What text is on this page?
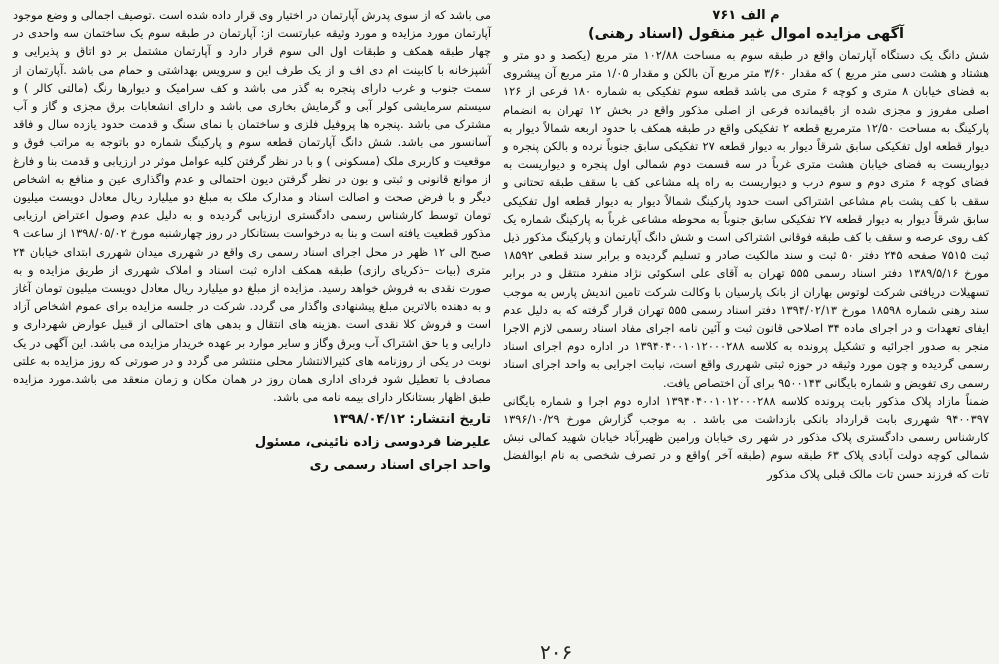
م الف ۷۶۱
آگهی مزایده اموال غیر منقول (اسناد رهنی)

شش دانگ یک دستگاه آپارتمان واقع در طبقه سوم به مساحت ۱۰۲/۸۸ متر مربع (یکصد و دو متر و هشتاد و هشت دسی متر مربع ) که مقدار ۳/۶۰ متر مربع آن بالکن و مقدار ۱/۰۵ متر مربع آن پیشروی به فضای خیابان ۸ متری و کوچه ۶ متری می باشد قطعه سوم تفکیکی به شماره ۱۸۰ فرعی از ۱۲۶ اصلی مفروز و مجزی شده از باقیمانده فرعی از اصلی مذکور واقع در بخش ۱۲ تهران به انضمام پارکینگ به مساحت ۱۲/۵۰ مترمربع قطعه ۲ تفکیکی واقع در طبقه همکف با حدود اربعه شمالاً دیوار به دیوار قطعه اول تفکیکی سابق شرقاً دیوار به دیوار قطعه ۲۷ تفکیکی سابق جنوباً نرده و بالکن پنجره و دیواریست به فضای خیابان هشت متری غرباً در سه قسمت دوم شمالی اول پنجره و دیواریست به فضای کوچه ۶ متری دوم و سوم درب و دیواریست به راه پله مشاعی کف با سقف طبقه تحتانی و سقف با کف پشت بام مشاعی اشتراکی است حدود پارکینگ شمالاً دیوار به دیوار قطعه اول تفکیکی سابق شرقاً دیوار به دیوار قطعه ۲۷ تفکیکی سابق جنوباً به محوطه مشاعی غرباً به پارکینگ شماره یک کف روی عرصه و سقف با کف طبقه فوقانی اشتراکی است و شش دانگ آپارتمان و پارکینگ مذکور ذیل ثبت ۷۵۱۵ صفحه ۲۴۵ دفتر ۵۰ ثبت و سند مالکیت صادر و تسلیم گردیده و برابر سند قطعی ۱۸۵۹۲ مورخ ۱۳۸۹/۵/۱۶ دفتر اسناد رسمی ۵۵۵ تهران به آقای علی اسکوئی نژاد منفرد منتقل و در برابر تسهیلات دریافتی شرکت لوتوس بهاران از بانک پارسیان با وکالت شرکت تامین اندیش پارس به موجب سند رهنی شماره ۱۸۵۹۸ مورخ ۱۳۹۴/۰۲/۱۳ دفتر اسناد رسمی ۵۵۵ تهران قرار گرفته که به دلیل عدم ایفای تعهدات و در اجرای ماده ۳۴ اصلاحی قانون ثبت و آئین نامه اجرای مفاد اسناد رسمی لازم الاجرا منجر به صدور اجرائیه و تشکیل پرونده به کلاسه ۱۳۹۴۰۴۰۰۱۰۱۲۰۰۰۲۸۸ در اداره دوم اجرای اسناد رسمی گردیده و چون مورد وثیقه در حوزه ثبتی شهرری واقع است، نیابت اجرایی به واحد اجرای اسناد رسمی ری تفویض و شماره بایگانی ۹۵۰۰۱۴۳ برای آن اختصاص یافت.

ضمناً مازاد پلاک مذکور بابت پرونده کلاسه ۱۳۹۴۰۴۰۰۱۰۱۲۰۰۰۲۸۸ اداره دوم اجرا و شماره بایگانی ۹۴۰۰۳۹۷ شهرری بابت قرارداد بانکی بازداشت می باشد . به موجب گزارش مورخ ۱۳۹۶/۱۰/۲۹ کارشناس رسمی دادگستری پلاک مذکور در شهر ری خیابان ورامین ظهیرآباد خیابان شهید کمالی نبش شمالی کوچه دولت آبادی پلاک ۶۳ طبقه سوم (طبقه آخر )واقع و در تصرف شخصی به نام ابوالفضل تات که فرزند حسن تات مالک قبلی پلاک مذکور

می باشد که از سوی پدرش آپارتمان در اختیار وی قرار داده شده است .توصیف اجمالی و وضع موجود آپارتمان مورد مزایده و مورد وثیقه عبارتست از: آپارتمان در طبقه سوم یک ساختمان سه واحدی در چهار طبقه همکف و طبقات اول الی سوم قرار دارد و آپارتمان مشتمل بر دو اتاق و پذیرایی و آشپزخانه با کابینت ام دی اف و از یک طرف این و سرویس بهداشتی و حمام می باشد .آپارتمان از سمت جنوب و غرب دارای پنجره به گذر می باشد و کف سرامیک و دیوارها رنگ (مالتی کالر ) و سیستم سرمایشی کولر آبی و گرمایش بخاری می باشد و دارای انشعابات برق مجزی و گاز و آب مشترک می باشد .پنجره ها پروفیل فلزی و ساختمان با نمای سنگ و قدمت حدود یازده سال و فاقد آسانسور می باشد. شش دانگ آپارتمان قطعه سوم و پارکینگ شماره دو باتوجه به مراتب فوق و موقعیت و کاربری ملک (مسکونی ) و با در نظر گرفتن کلیه عوامل موثر در ارزیابی و قدمت بنا و فارغ از موانع قانونی و ثبتی و بون در نظر گرفتن دیون احتمالی و عدم واگذاری عین و منافع به اشخاص دیگر و با فرض صحت و اصالت اسناد و مدارک ملک به مبلغ دو میلیارد ریال معادل دویست میلیون تومان توسط کارشناس رسمی دادگستری ارزیابی گردیده و به دلیل عدم وصول اعتراض ارزیابی مذکور قطعیت یافته است و بنا به درخواست بستانکار در روز چهارشنبه مورخ ۱۳۹۸/۰۵/۰۲ از ساعت ۹ صبح الی ۱۲ ظهر در محل اجرای اسناد رسمی ری واقع در شهرری میدان شهرری ابتدای خیابان ۲۴ متری (بیات –ذکریای رازی) طبقه همکف اداره ثبت اسناد و املاک شهرری از طریق مزایده و به صورت نقدی به فروش خواهد رسید. مزایده از مبلغ دو میلیارد ریال معادل دویست میلیون تومان آغاز و به دهنده بالاترین مبلغ پیشنهادی واگذار می گردد. شرکت در جلسه مزایده برای عموم اشخاص آزاد است و فروش کلا نقدی است .هزینه های انتقال و بدهی های احتمالی از قبیل عوارض شهرداری و دارایی و یا حق اشتراک آب وبرق وگاز و سایر موارد بر عهده خریدار مزایده می باشد. این آگهی در یک نوبت در یکی از روزنامه های کثیرالانتشار محلی منتشر می گردد و در صورتی که روز مزایده به علتی مصادف با تعطیل شود فردای اداری همان روز در همان مکان و زمان منعقد می باشد.مورد مزایده طبق اظهار بستانکار دارای بیمه نامه می باشد.

تاریخ انتشار: ۱۳۹۸/۰۴/۱۲
علیرضا فردوسی زاده نائینی، مسئول
واحد اجرای اسناد رسمی ری
۲۰۶
